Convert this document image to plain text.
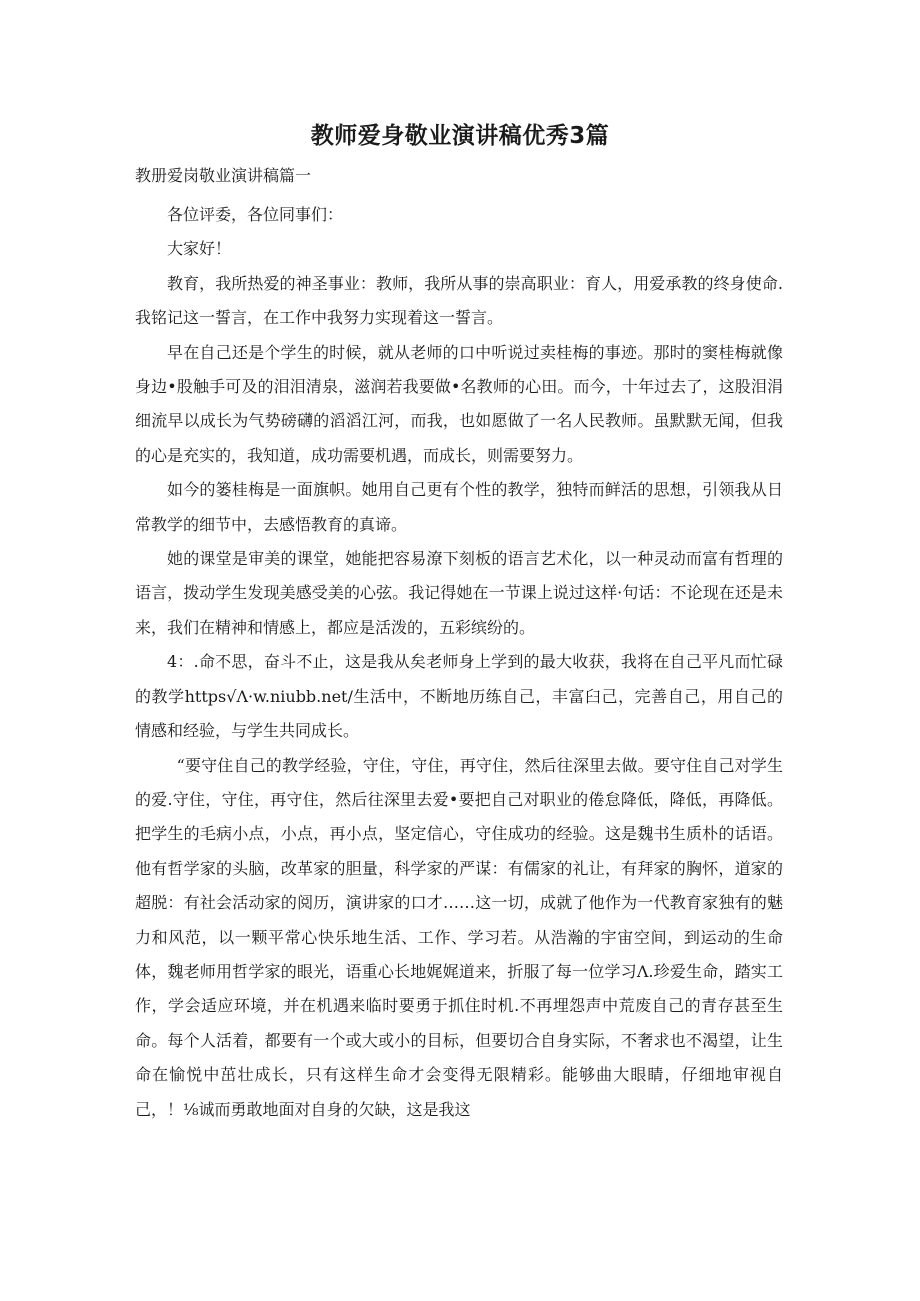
教师爱身敬业演讲稿优秀3篇
教册爱岗敬业演讲稿篇一

各位评委，各位同事们：

大家好！

教育，我所热爱的神圣事业：教师，我所从事的崇高职业：育人，用爱承教的终身使命.我铭记这一誓言，在工作中我努力实现着这一誓言。

早在自己还是个学生的时候，就从老师的口中听说过卖桂梅的事迹。那时的窦桂梅就像身边•股触手可及的泪泪清泉，滋润若我要做•名教师的心田。而今，十年过去了，这股泪涓细流早以成长为气势磅礴的滔滔江河，而我，也如愿做了一名人民教师。虽默默无闻，但我的心是充实的，我知道，成功需要机遇，而成长，则需要努力。

如今的篓桂梅是一面旗帜。她用自己更有个性的教学，独特而鲜活的思想，引领我从日常教学的细节中，去感悟教育的真谛。

她的课堂是审美的课堂，她能把容易潦下刻板的语言艺术化，以一种灵动而富有哲理的语言，拨动学生发现美感受美的心弦。我记得她在一节课上说过这样·句话：不论现在还是未来，我们在精神和情感上，都应是活泼的，五彩缤纷的。

4：.命不思，奋斗不止，这是我从矣老师身上学到的最大收获，我将在自己平凡而忙碌的教学https√Λ·w.niubb.net/生活中，不断地历练自己，丰富臼己，完善自己，用自己的情感和经验，与学生共同成长。

“要守住自己的教学经验，守住，守住，再守住，然后往深里去做。要守住自己对学生的爱.守住，守住，再守住，然后往深里去爱•要把自己对职业的倦怠降低，降低，再降低。把学生的毛病小点，小点，再小点，坚定信心，守住成功的经验。这是魏书生质朴的话语。他有哲学家的头脑，改革家的胆量，科学家的严谋：有儒家的礼让，有拜家的胸怀，道家的超脱：有社会活动家的阅历，演讲家的口才……这一切，成就了他作为一代教育家独有的魅力和风范，以一颗平常心快乐地生活、工作、学习若。从浩瀚的宇宙空间，到运动的生命体，魏老师用哲学家的眼光，语重心长地娓娓道来，折服了每一位学习Λ.珍爱生命，踏实工作，学会适应环境，并在机遇来临时要勇于抓住时机.不再埋怨声中荒废自己的青存甚至生命。每个人活着，都要有一个或大或小的目标，但要切合自身实际，不奢求也不渴望，让生命在愉悦中茁壮成长，只有这样生命才会变得无限精彩。能够曲大眼睛，仔细地审视自己，！⅛诚而勇敢地面对自身的欠缺，这是我这
